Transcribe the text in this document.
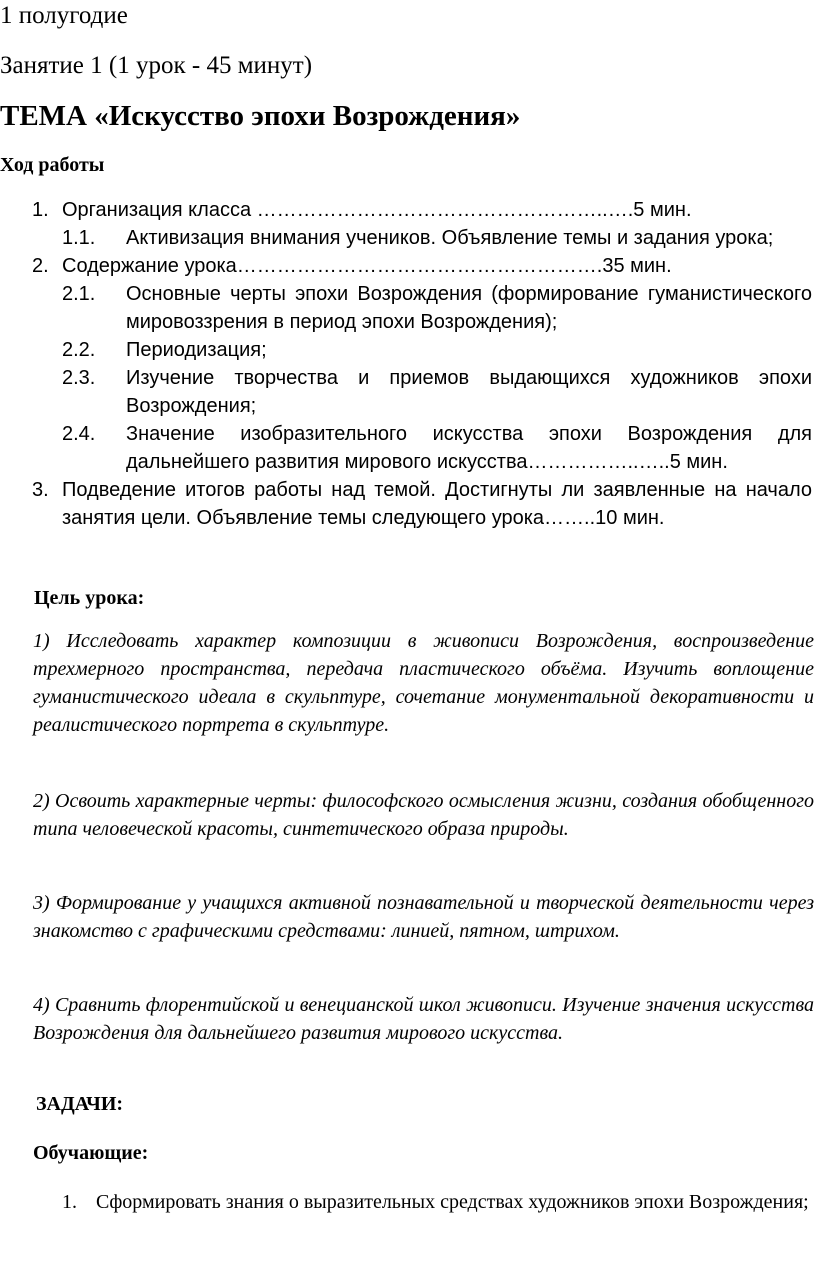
1 полугодие
Занятие 1 (1 урок - 45 минут)
ТЕМА «Искусство эпохи Возрождения»
Ход работы
1. Организация класса ……………………………………………..….5 мин.
1.1. Активизация внимания учеников. Объявление темы и задания урока;
2. Содержание урока……………………………………………….35 мин.
2.1. Основные черты эпохи Возрождения (формирование гуманистического мировоззрения в период эпохи Возрождения);
2.2. Периодизация;
2.3. Изучение творчества и приемов выдающихся художников эпохи Возрождения;
2.4. Значение изобразительного искусства эпохи Возрождения для дальнейшего развития мирового искусства……………..…..5 мин.
3. Подведение итогов работы над темой. Достигнуты ли заявленные на начало занятия цели. Объявление темы следующего урока……..10 мин.
Цель урока:

1) Исследовать характер композиции в живописи Возрождения, воспроизведение трехмерного пространства, передача пластического объёма. Изучить воплощение гуманистического идеала в скульптуре, сочетание монументальной декоративности и реалистического портрета в скульптуре.

2) Освоить характерные черты: философского осмысления жизни, создания обобщенного типа человеческой красоты, синтетического образа природы.

3) Формирование у учащихся активной познавательной и творческой деятельности через знакомство с графическими средствами: линией, пятном, штрихом.

4) Сравнить флорентийской и венецианской школ живописи. Изучение значения искусства Возрождения для дальнейшего развития мирового искусства.

ЗАДАЧИ:
Обучающие:
1. Сформировать знания о выразительных средствах художников эпохи Возрождения;
